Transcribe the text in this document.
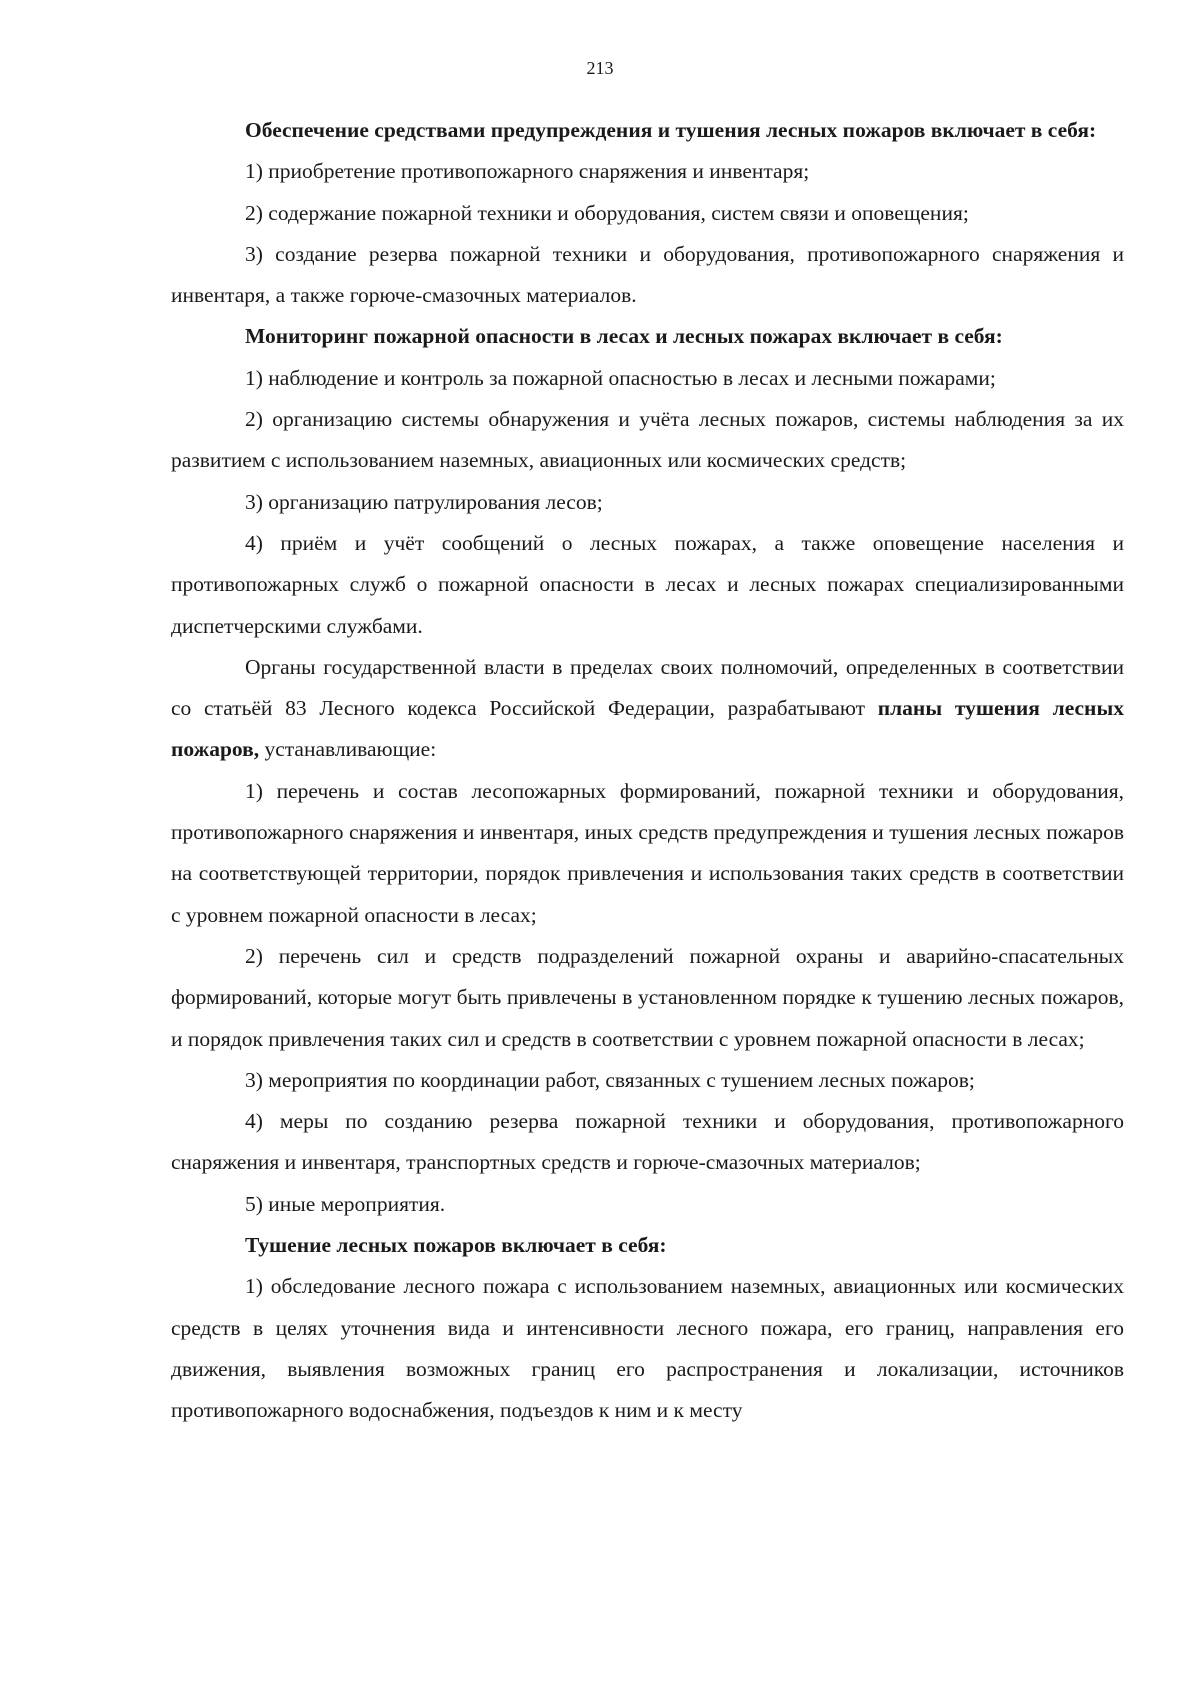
213

Обеспечение средствами предупреждения и тушения лесных пожаров включает в себя:

1) приобретение противопожарного снаряжения и инвентаря;

2) содержание пожарной техники и оборудования, систем связи и оповещения;

3) создание резерва пожарной техники и оборудования, противопожарного снаряжения и инвентаря, а также горюче-смазочных материалов.

Мониторинг пожарной опасности в лесах и лесных пожарах включает в себя:

1) наблюдение и контроль за пожарной опасностью в лесах и лесными пожарами;

2) организацию системы обнаружения и учёта лесных пожаров, системы наблюдения за их развитием с использованием наземных, авиационных или космических средств;

3) организацию патрулирования лесов;

4) приём и учёт сообщений о лесных пожарах, а также оповещение населения и противопожарных служб о пожарной опасности в лесах и лесных пожарах специализированными диспетчерскими службами.

Органы государственной власти в пределах своих полномочий, определенных в соответствии со статьёй 83 Лесного кодекса Российской Федерации, разрабатывают планы тушения лесных пожаров, устанавливающие:

1) перечень и состав лесопожарных формирований, пожарной техники и оборудования, противопожарного снаряжения и инвентаря, иных средств предупреждения и тушения лесных пожаров на соответствующей территории, порядок привлечения и использования таких средств в соответствии с уровнем пожарной опасности в лесах;

2) перечень сил и средств подразделений пожарной охраны и аварийно-спасательных формирований, которые могут быть привлечены в установленном порядке к тушению лесных пожаров, и порядок привлечения таких сил и средств в соответствии с уровнем пожарной опасности в лесах;

3) мероприятия по координации работ, связанных с тушением лесных пожаров;

4) меры по созданию резерва пожарной техники и оборудования, противопожарного снаряжения и инвентаря, транспортных средств и горюче-смазочных материалов;

5) иные мероприятия.

Тушение лесных пожаров включает в себя:

1) обследование лесного пожара с использованием наземных, авиационных или космических средств в целях уточнения вида и интенсивности лесного пожара, его границ, направления его движения, выявления возможных границ его распространения и локализации, источников противопожарного водоснабжения, подъездов к ним и к месту
